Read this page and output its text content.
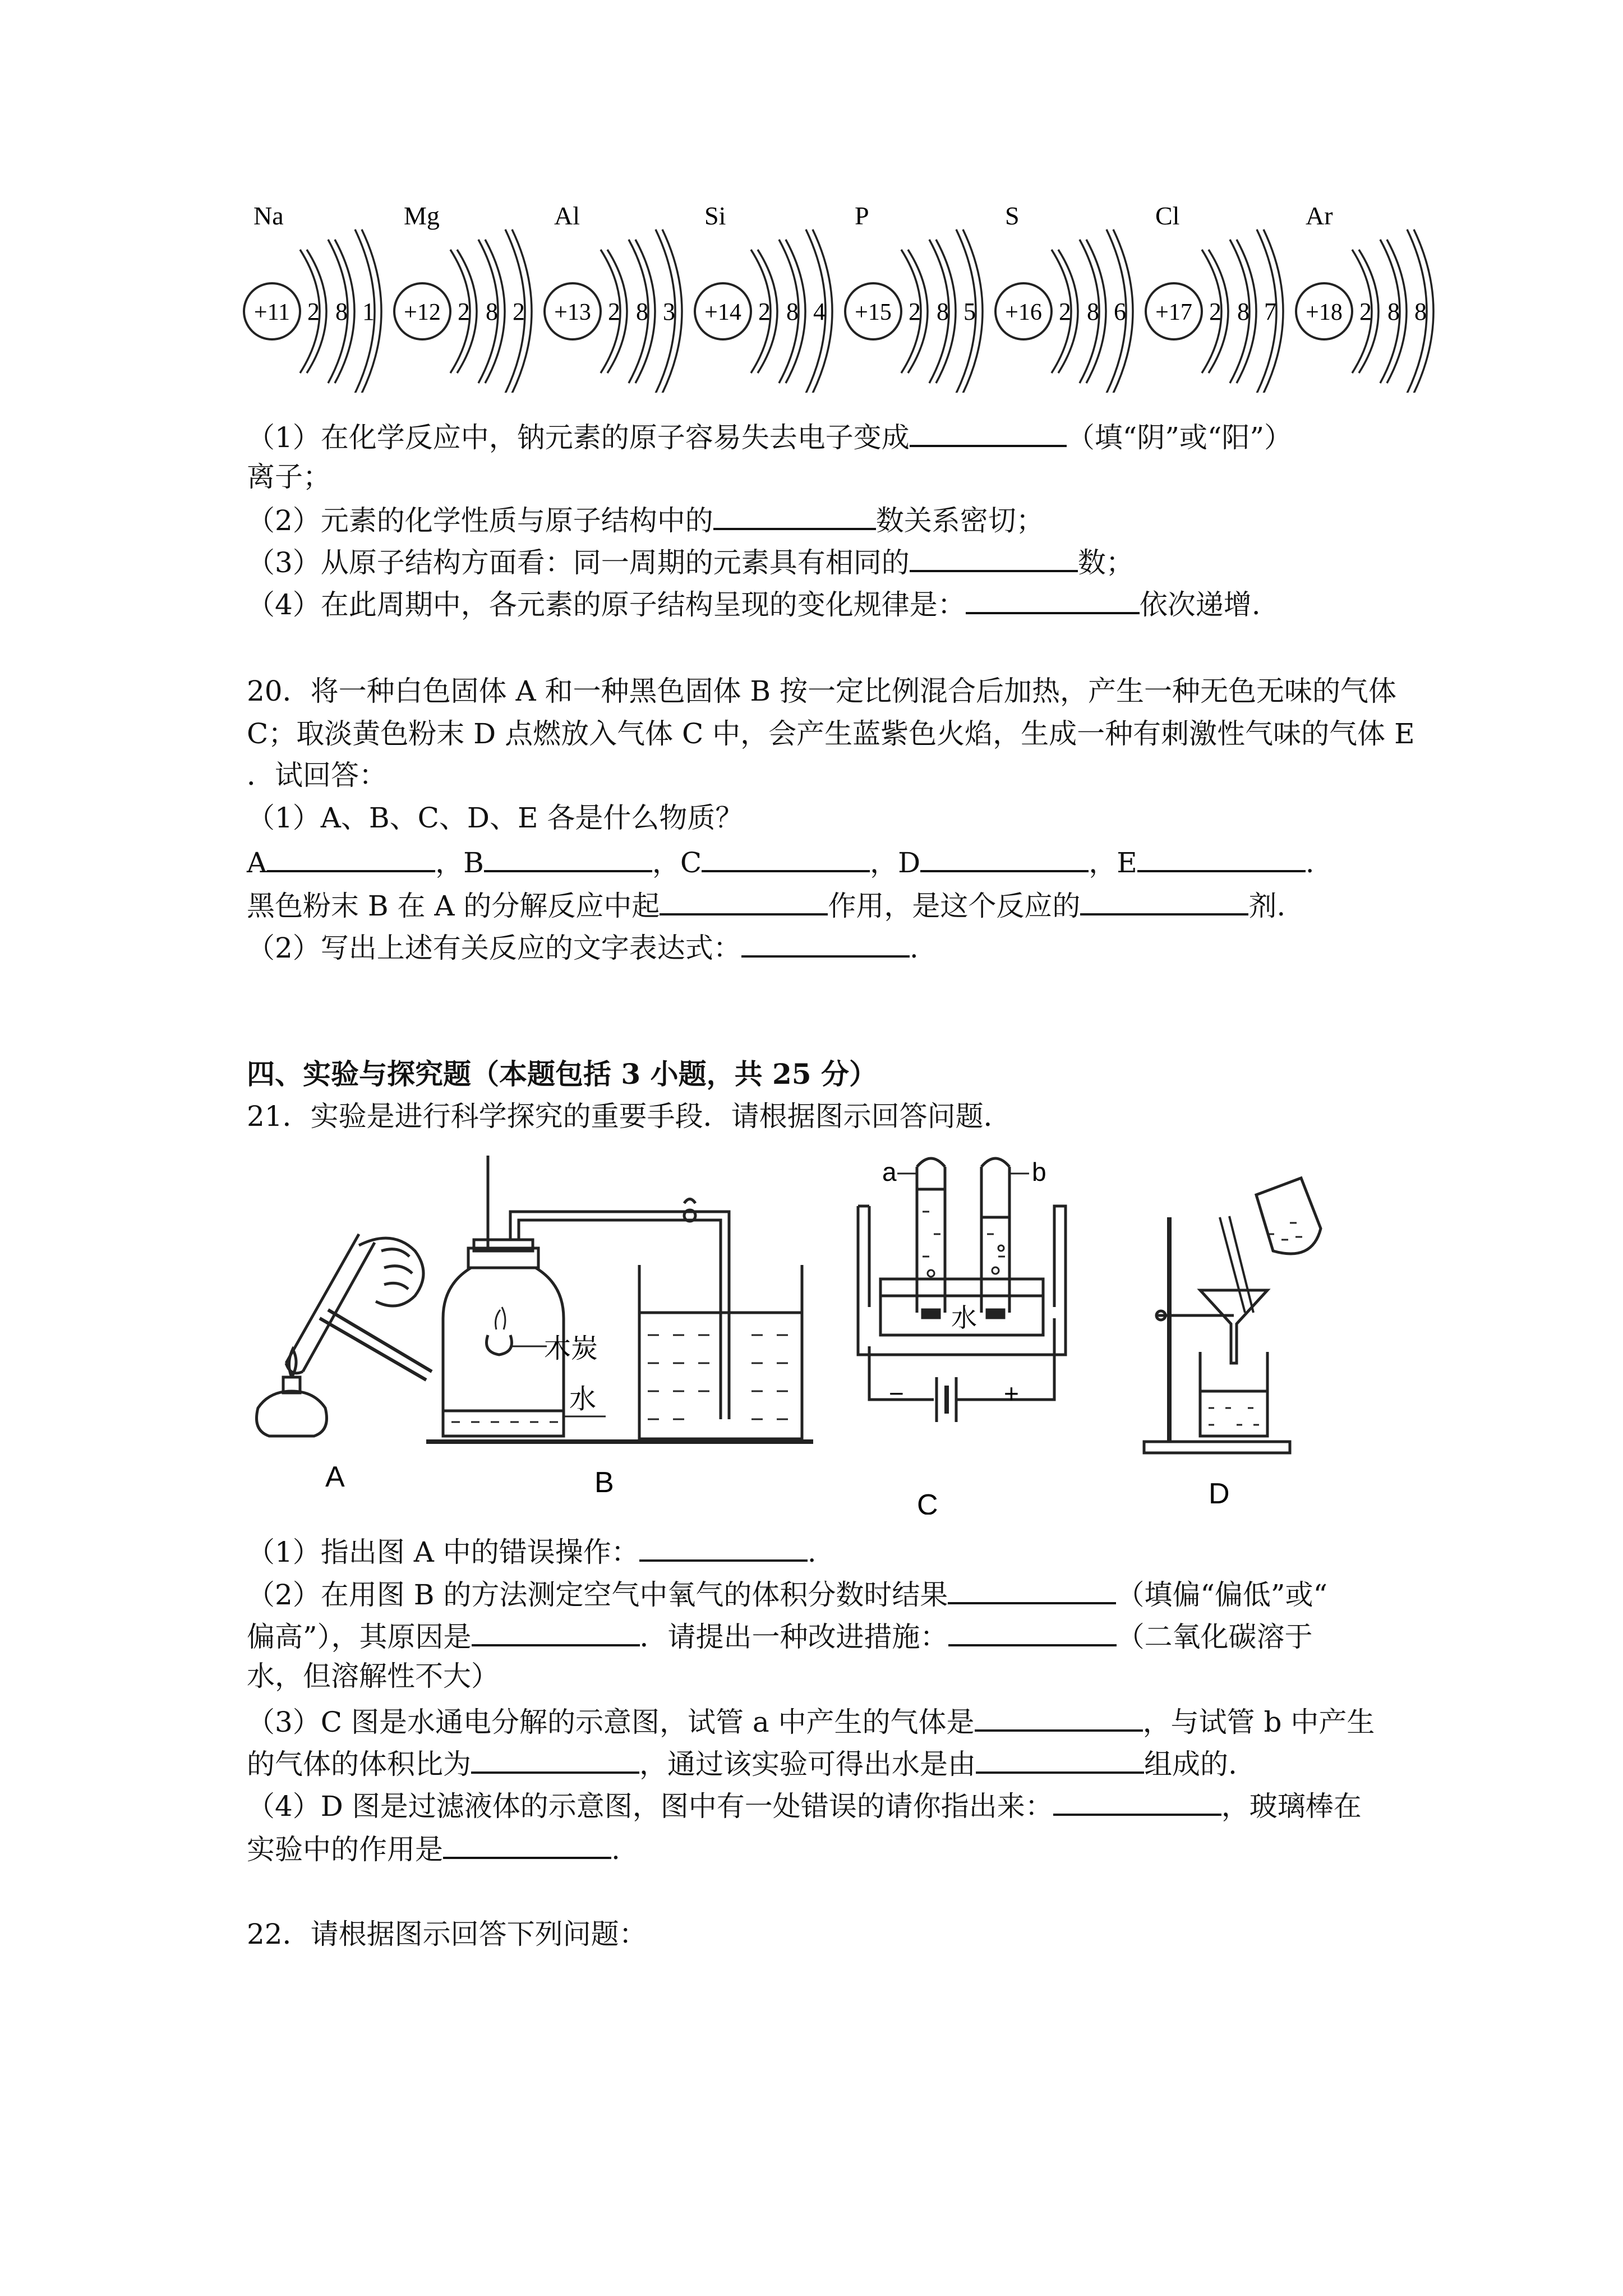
Na
+11 2 8 1
Mg
+12 2 8 2
Al
+13 2 8 3
Si
+14 2 8 4
P
+15 2 8 5
S
+16 2 8 6
Cl
+17 2 8 7
Ar
+18 2 8 8
（1）在化学反应中，钠元素的原子容易失去电子变成	（填“阴”或“阳”）
离子；
（2）元素的化学性质与原子结构中的	数关系密切；
（3）从原子结构方面看：同一周期的元素具有相同的	数；
（4）在此周期中，各元素的原子结构呈现的变化规律是：	依次递增.
20．将一种白色固体 A 和一种黑色固体 B 按一定比例混合后加热，产生一种无色无味的气体
C；取淡黄色粉末 D 点燃放入气体 C 中，会产生蓝紫色火焰，生成一种有刺激性气味的气体 E
．试回答：
（1）A、B、C、D、E 各是什么物质？
A	，B	，C	，D	，E	.
黑色粉末 B 在 A 的分解反应中起	作用，是这个反应的	剂.
（2）写出上述有关反应的文字表达式：	.
四、实验与探究题（本题包括 3 小题，共 25 分）
21．实验是进行科学探究的重要手段．请根据图示回答问题．
A
木炭
水
B
a	b
水
−	+
C	D
（1）指出图 A 中的错误操作：	.
（2）在用图 B 的方法测定空气中氧气的体积分数时结果	（填偏“偏低”或“
偏高”），其原因是	．请提出一种改进措施：	（二氧化碳溶于
水，但溶解性不大）
（3）C 图是水通电分解的示意图，试管 a 中产生的气体是	，与试管 b 中产生
的气体的体积比为	，通过该实验可得出水是由	组成的.
（4）D 图是过滤液体的示意图，图中有一处错误的请你指出来：	，玻璃棒在
实验中的作用是	.
22．请根据图示回答下列问题：
